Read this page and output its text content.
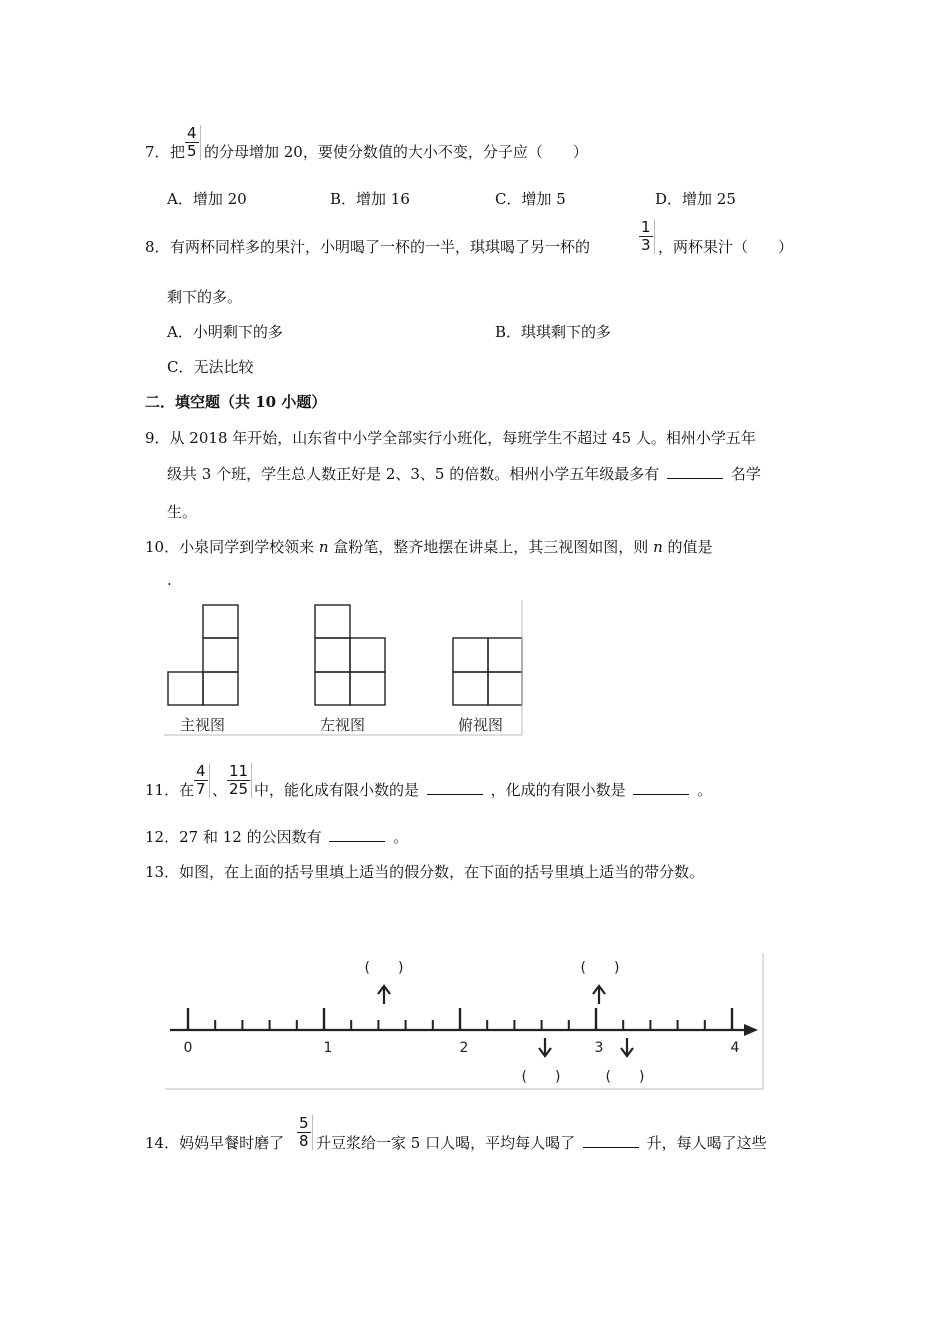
7． 把 $\frac{4}{5}$ 的分母增加 20，要使分数值的大小不变，分子应（　　）
A．增加 20	B．增加 16	C．增加 5	D．增加 25
8． 有两杯同样多的果汁，小明喝了一杯的一半，琪琪喝了另一杯的	$\frac{1}{3}$ ，两杯果汁（　　）
剩下的多。
A．小明剩下的多	B．琪琪剩下的多
C．无法比较
二．填空题（共 10 小题）
9．从 2018 年开始，山东省中小学全部实行小班化，每班学生不超过 45 人。相州小学五年
级共 3 个班，学生总人数正好是 2、3、5 的倍数。相州小学五年级最多有	名学
生。
10．小泉同学到学校领来 n 盒粉笔，整齐地摆在讲桌上，其三视图如图，则 n 的值是
.
主视图	左视图	俯视图
11．在 $\frac{4}{7}$ 、 $\frac{11}{25}$ 中，能化成有限小数的是	，化成的有限小数是	。
12．27 和 12 的公因数有	。
13．如图，在上面的括号里填上适当的假分数，在下面的括号里填上适当的带分数。
0	1	2	3	4
(　　)	(　　)
(　　)	(　　)
14．妈妈早餐时磨了 $\frac{5}{8}$ 升豆浆给一家 5 口人喝，平均每人喝了	升，每人喝了这些
